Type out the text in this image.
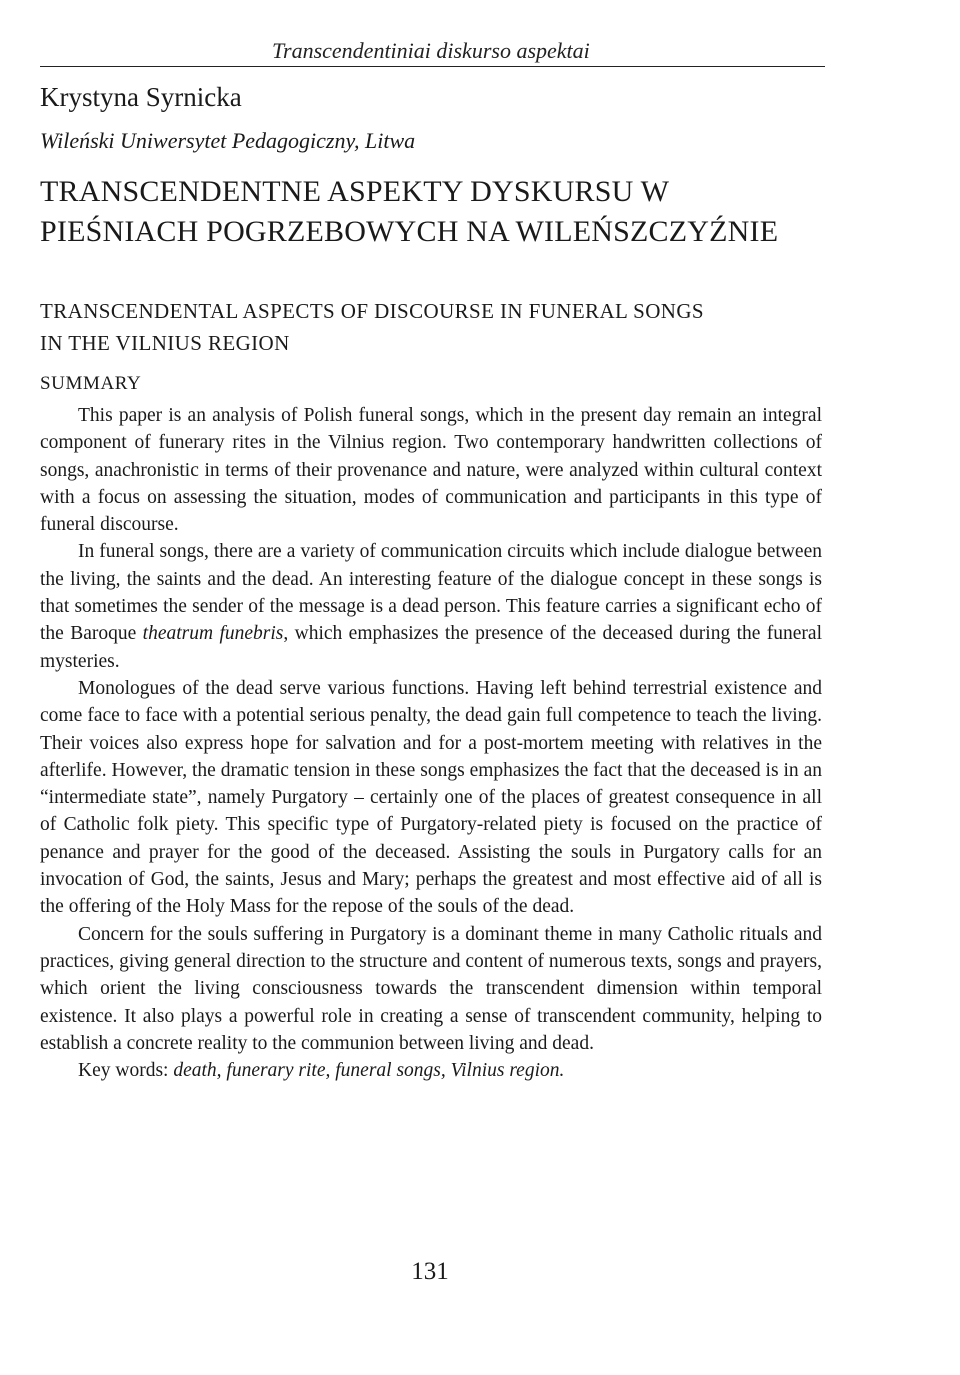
Transcendentiniai diskurso aspektai
Krystyna Syrnicka
Wileński Uniwersytet Pedagogiczny, Litwa
TRANSCENDENTNE ASPEKTY DYSKURSU W
PIEŚNIACH POGRZEBOWYCH NA WILEŃSZCZYŹNIE
TRANSCENDENTAL ASPECTS OF DISCOURSE IN FUNERAL SONGS
IN THE VILNIUS REGION
SUMMARY

This paper is an analysis of Polish funeral songs, which in the present day remain an integral component of funerary rites in the Vilnius region. Two contemporary handwritten collections of songs, anachronistic in terms of their provenance and nature, were analyzed within cultural context with a focus on assessing the situation, modes of communication and participants in this type of funeral discourse.

In funeral songs, there are a variety of communication circuits which include dialogue between the living, the saints and the dead. An interesting feature of the dialogue concept in these songs is that sometimes the sender of the message is a dead person. This feature carries a significant echo of the Baroque theatrum funebris, which emphasizes the presence of the deceased during the funeral mysteries.

Monologues of the dead serve various functions. Having left behind terrestrial existence and come face to face with a potential serious penalty, the dead gain full competence to teach the living. Their voices also express hope for salvation and for a post-mortem meeting with relatives in the afterlife. However, the dramatic tension in these songs emphasizes the fact that the deceased is in an “intermediate state”, namely Purgatory – certainly one of the places of greatest consequence in all of Catholic folk piety. This specific type of Purgatory-related piety is focused on the practice of penance and prayer for the good of the deceased. Assisting the souls in Purgatory calls for an invocation of God, the saints, Jesus and Mary; perhaps the greatest and most effective aid of all is the offering of the Holy Mass for the repose of the souls of the dead.

Concern for the souls suffering in Purgatory is a dominant theme in many Catholic rituals and practices, giving general direction to the structure and content of numerous texts, songs and prayers, which orient the living consciousness towards the transcendent dimension within temporal existence. It also plays a powerful role in creating a sense of transcendent community, helping to establish a concrete reality to the communion between living and dead.

Key words: death, funerary rite, funeral songs, Vilnius region.

131
